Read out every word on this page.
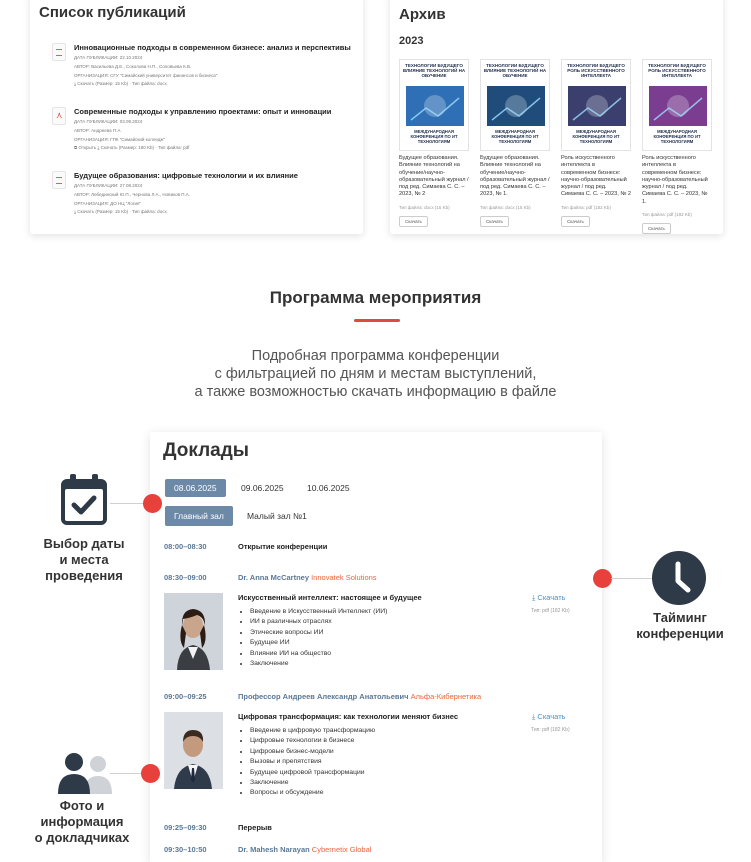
Список публикаций
Инновационные подходы в современном бизнесе: анализ и перспективы
ДАТА ПУБЛИКАЦИИ: 22.10.2024
АВТОР: Васильева Д.Е., Соколова Н.П., Соловьева К.В.
ОРГАНИЗАЦИЯ: СГУ "Симайский университет финансов и бизнеса"
⤓ Скачать (Размер: 15 Kb) · Тип файла: docx
⋏
Современные подходы к управлению проектами: опыт и инновации
ДАТА ПУБЛИКАЦИИ: 03.09.2024
АВТОР: Андреева П.А.
ОРГАНИЗАЦИЯ: ГПК "Симайский колледж"
⧉ Открыть ⤓ Скачать (Размер: 180 Kb) · Тип файла: pdf
Будущее образования: цифровые технологии и их влияние
ДАТА ПУБЛИКАЦИИ: 27.08.2024
АВТОР: Лебединский Ю.П., Чернова Л.А., Новиков П.А.
ОРГАНИЗАЦИЯ: ДО НЦ "Логия"
⤓ Скачать (Размер: 15 Kb) · Тип файла: docx
Архив
2023
ТЕХНОЛОГИИ БУДУЩЕГО ВЛИЯНИЕ ТЕХНОЛОГИЙ НА ОБУЧЕНИЕ
МЕЖДУНАРОДНАЯ КОНФЕРЕНЦИЯ ПО ИТ ТЕХНОЛОГИЯМ
Будущее образования. Влияние технологий на обучение/научно-образовательный журнал / под ред. Симаева С. С. – 2023, № 2
Тип файла: docx (15 Kb)
Скачать
ТЕХНОЛОГИИ БУДУЩЕГО ВЛИЯНИЕ ТЕХНОЛОГИЙ НА ОБУЧЕНИЕ
МЕЖДУНАРОДНАЯ КОНФЕРЕНЦИЯ ПО ИТ ТЕХНОЛОГИЯМ
Будущее образования. Влияние технологий на обучение/научно-образовательный журнал / под ред. Симаева С. С. – 2023, № 1.
Тип файла: docx (15 Kb)
Скачать
ТЕХНОЛОГИИ БУДУЩЕГО РОЛЬ ИСКУССТВЕННОГО ИНТЕЛЛЕКТА
МЕЖДУНАРОДНАЯ КОНФЕРЕНЦИЯ ПО ИТ ТЕХНОЛОГИЯМ
Роль искусственного интеллекта в современном бизнесе: научно-образовательный журнал / под ред. Симаева С. С. – 2023, № 2
Тип файла: pdf (182 Kb)
Скачать
ТЕХНОЛОГИИ БУДУЩЕГО РОЛЬ ИСКУССТВЕННОГО ИНТЕЛЛЕКТА
МЕЖДУНАРОДНАЯ КОНФЕРЕНЦИЯ ПО ИТ ТЕХНОЛОГИЯМ
Роль искусственного интеллекта в современном бизнесе: научно-образовательный журнал / под ред. Симаева С. С. – 2023, № 1.
Тип файла: pdf (182 Kb)
Скачать
Программа мероприятия
Подробная программа конференции
с фильтрацией по дням и местам выступлений,
а также возможностью скачать информацию в файле
Доклады
08.06.2025	09.06.2025	10.06.2025
Главный зал	Малый зал №1
08:00–08:30	Открытие конференции
08:30–09:00	Dr. Anna McCartney Innovatek Solutions
Искусственный интеллект: настоящее и будущее
• Введение в Искусственный Интеллект (ИИ)
• ИИ в различных отраслях
• Этические вопросы ИИ
• Будущее ИИ
• Влияние ИИ на общество
• Заключение
⤓ Скачать
Тип: pdf (182 Kb)
09:00–09:25	Профессор Андреев Александр Анатольевич Альфа-Кибернетика
Цифровая трансформация: как технологии меняют бизнес
• Введение в цифровую трансформацию
• Цифровые технологии в бизнесе
• Цифровые бизнес-модели
• Вызовы и препятствия
• Будущее цифровой трансформации
• Заключение
• Вопросы и обсуждение
⤓ Скачать
Тип: pdf (182 Kb)
09:25–09:30	Перерыв
09:30–10:50	Dr. Mahesh Narayan Cybernetix Global
Выбор даты
и места
проведения
Тайминг
конференции
Фото и
информация
о докладчиках
